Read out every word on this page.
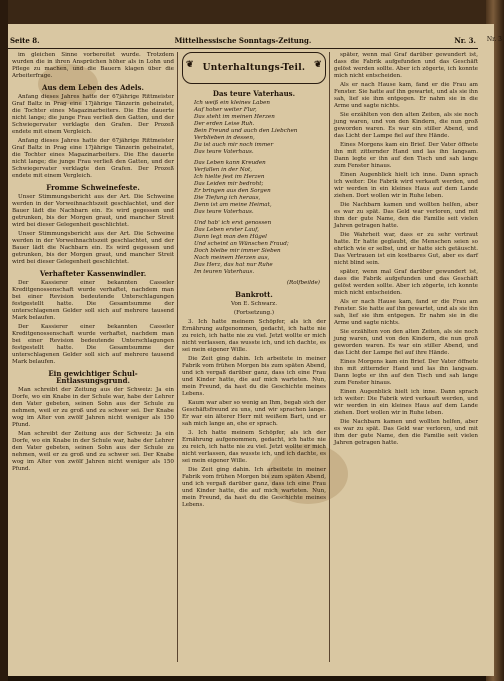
Seite 8.	Mittelhessische Sonntags-Zeitung.	Nr. 3. Nr. 3

im gleichen Sinne vorbereitet wurde. Trotzdem wurden die in ihren Ansprüchen höher als in Lohn und Pflege zu machen, und die Bauern klagen über die Arbeiterfrage.

Aus dem Leben des Adels.

Anfang dieses Jahres hatte der 67jährige Rittmeister Graf Baltz in Prag eine 17jährige Tänzerin geheiratet, die Tochter eines Magazinarbeiters. Die Ehe dauerte nicht lange; die junge Frau verließ den Gatten, und der Schwiegervater verklagte den Grafen. Der Prozeß endete mit einem Vergleich.

Anfang dieses Jahres hatte der 67jährige Rittmeister Graf Baltz in Prag eine 17jährige Tänzerin geheiratet, die Tochter eines Magazinarbeiters. Die Ehe dauerte nicht lange; die junge Frau verließ den Gatten, und der Schwiegervater verklagte den Grafen. Der Prozeß endete mit einem Vergleich.

Fromme Schweinefeste.

Unser Stimmungsbericht aus der Art. Die Schweine werden in der Vorweihnachtszeit geschlachtet, und der Bauer lädt die Nachbarn ein. Es wird gegessen und getrunken, bis der Morgen graut, und mancher Streit wird bei dieser Gelegenheit geschlichtet.

Unser Stimmungsbericht aus der Art. Die Schweine werden in der Vorweihnachtszeit geschlachtet, und der Bauer lädt die Nachbarn ein. Es wird gegessen und getrunken, bis der Morgen graut, und mancher Streit wird bei dieser Gelegenheit geschlichtet.

Verhafteter Kassenwindler.

Der Kassierer einer bekannten Casseler Kreditgenossenschaft wurde verhaftet, nachdem man bei einer Revision bedeutende Unterschlagungen festgestellt hatte. Die Gesamtsumme der unterschlagenen Gelder soll sich auf mehrere tausend Mark belaufen.

Der Kassierer einer bekannten Casseler Kreditgenossenschaft wurde verhaftet, nachdem man bei einer Revision bedeutende Unterschlagungen festgestellt hatte. Die Gesamtsumme der unterschlagenen Gelder soll sich auf mehrere tausend Mark belaufen.

Ein gewichtiger Schul-Entlassungsgrund.

Man schreibt der Zeitung aus der Schweiz: Ja ein Dorfe, wo ein Knabe in der Schule war, habe der Lehrer den Vater gebeten, seinen Sohn aus der Schule zu nehmen, weil er zu groß und zu schwer sei. Der Knabe wog im Alter von zwölf Jahren nicht weniger als 150 Pfund.

Man schreibt der Zeitung aus der Schweiz: Ja ein Dorfe, wo ein Knabe in der Schule war, habe der Lehrer den Vater gebeten, seinen Sohn aus der Schule zu nehmen, weil er zu groß und zu schwer sei. Der Knabe wog im Alter von zwölf Jahren nicht weniger als 150 Pfund.

❦ Unterhaltungs-Teil. ❦
Das teure Vaterhaus.
Ich weiß ein kleines Laben
Auf hoher weiter Flur,
Das steht im meinen Herzen
Der erden Leise Ruh.
Bein Freund und auch den Liebchen
Verblieben in dessen,
Da ist auch mir noch immer
Das teure Vaterhaus.
Das Leben kann Kreuden
Verfallen in der Not,
Ich hielte fest im Herzen
Das Leiden mir bedroht;
Er bringen aus den Sorgen
Die Tiefung ich heraus,
Denn ist am meine Heimat,
Das teure Vaterhaus.
Und hab' ich erst genossen
Das Leben erster Lauf,
Dann legt man den Hügel
Und scheint an Wünschen Fraud;
Doch bleibe mir immer Sieben
Nach meinem Herzen aus,
Das Herz, das hat nur Ruhe
Im teuren Vaterhaus.
(Rolfbeilde)
Bankrott.
Von E. Schwarz.
(Fortsetzung.)

3. Ich hatte meinem Schöpfer, als ich der Ernährung aufgenommen, gedacht, ich hatte nie zu reich, ich hatte nie zu viel. Jetzt wollte er mich nicht verlassen, das wusste ich, und ich dachte, es sei mein eigener Wille.

Die Zeit ging dahin. Ich arbeitete in meiner Fabrik vom frühen Morgen bis zum späten Abend, und ich vergaß darüber ganz, dass ich eine Frau und Kinder hatte, die auf mich warteten. Nun, mein Freund, da hast du die Geschichte meines Lebens.

Kaum war aber so wenig an Ihm, begab sich der Geschäftsfreund zu uns, und wir sprachen lange. Er war ein älterer Herr mit weißem Bart, und er sah mich lange an, ehe er sprach.

3. Ich hatte meinem Schöpfer, als ich der Ernährung aufgenommen, gedacht, ich hatte nie zu reich, ich hatte nie zu viel. Jetzt wollte er mich nicht verlassen, das wusste ich, und ich dachte, es sei mein eigener Wille.

Die Zeit ging dahin. Ich arbeitete in meiner Fabrik vom frühen Morgen bis zum späten Abend, und ich vergaß darüber ganz, dass ich eine Frau und Kinder hatte, die auf mich warteten. Nun, mein Freund, da hast du die Geschichte meines Lebens.

später, wenn mal Graf darüber gewundert ist, dass die Fabrik aufgefunden und das Geschäft gelöst werden sollte. Aber ich zögerte, ich konnte mich nicht entscheiden.

Als er nach Hause kam, fand er die Frau am Fenster. Sie hatte auf ihn gewartet, und als sie ihn sah, lief sie ihm entgegen. Er nahm sie in die Arme und sagte nichts.

Sie erzählten von den alten Zeiten, als sie noch jung waren, und von den Kindern, die nun groß geworden waren. Es war ein stiller Abend, und das Licht der Lampe fiel auf ihre Hände.

Eines Morgens kam ein Brief. Der Vater öffnete ihn mit zitternder Hand und las ihn langsam. Dann legte er ihn auf den Tisch und sah lange zum Fenster hinaus.

Einen Augenblick hielt ich inne. Dann sprach ich weiter: Die Fabrik wird verkauft werden, und wir werden in ein kleines Haus auf dem Lande ziehen. Dort wollen wir in Ruhe leben.

Die Nachbarn kamen und wollten helfen, aber es war zu spät. Das Geld war verloren, und mit ihm der gute Name, den die Familie seit vielen Jahren getragen hatte.

Die Wahrheit war, dass er zu sehr vertraut hatte. Er hatte geglaubt, die Menschen seien so ehrlich wie er selbst, und er hatte sich getäuscht. Das Vertrauen ist ein kostbares Gut, aber es darf nicht blind sein.

später, wenn mal Graf darüber gewundert ist, dass die Fabrik aufgefunden und das Geschäft gelöst werden sollte. Aber ich zögerte, ich konnte mich nicht entscheiden.

Als er nach Hause kam, fand er die Frau am Fenster. Sie hatte auf ihn gewartet, und als sie ihn sah, lief sie ihm entgegen. Er nahm sie in die Arme und sagte nichts.

Sie erzählten von den alten Zeiten, als sie noch jung waren, und von den Kindern, die nun groß geworden waren. Es war ein stiller Abend, und das Licht der Lampe fiel auf ihre Hände.

Eines Morgens kam ein Brief. Der Vater öffnete ihn mit zitternder Hand und las ihn langsam. Dann legte er ihn auf den Tisch und sah lange zum Fenster hinaus.

Einen Augenblick hielt ich inne. Dann sprach ich weiter: Die Fabrik wird verkauft werden, und wir werden in ein kleines Haus auf dem Lande ziehen. Dort wollen wir in Ruhe leben.

Die Nachbarn kamen und wollten helfen, aber es war zu spät. Das Geld war verloren, und mit ihm der gute Name, den die Familie seit vielen Jahren getragen hatte.
